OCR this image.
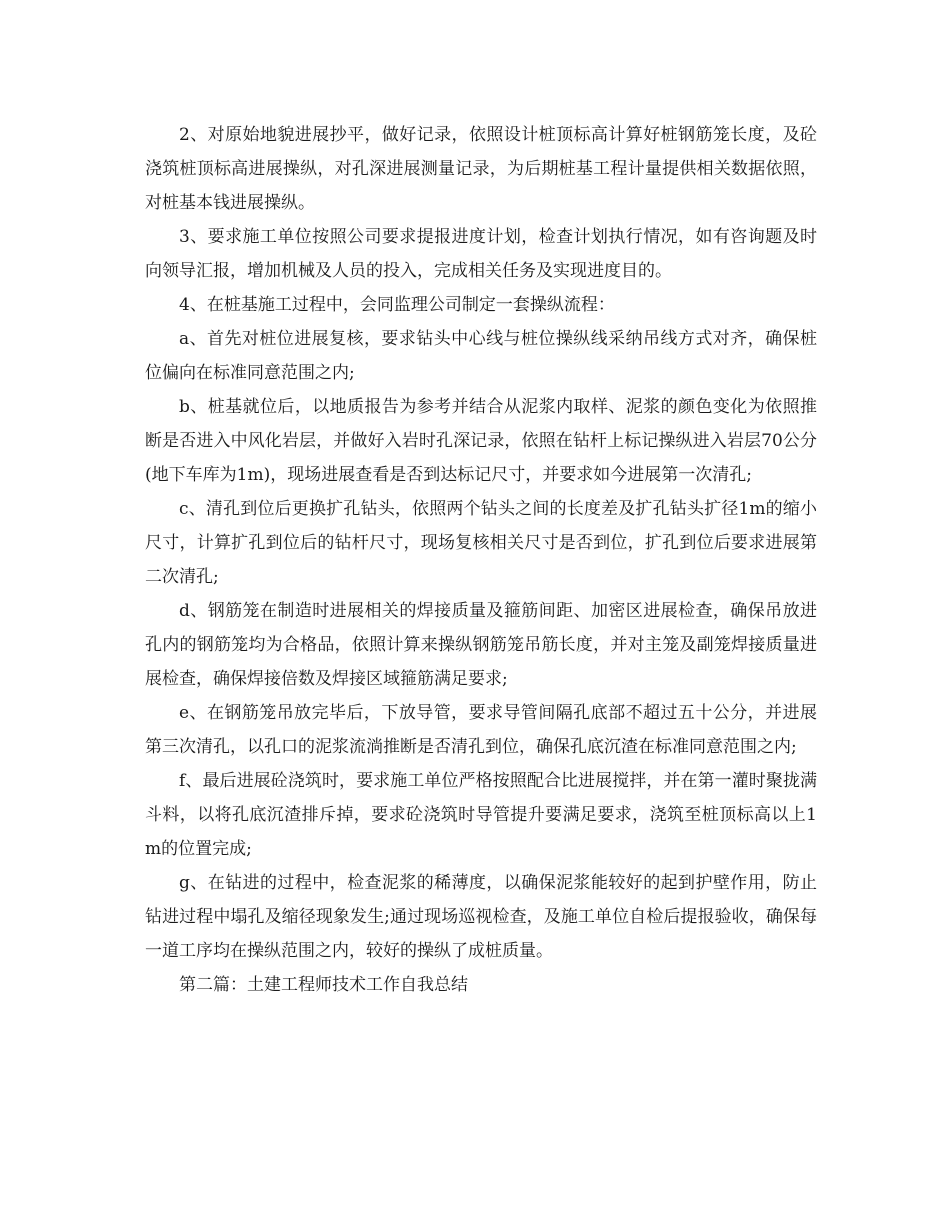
2、对原始地貌进展抄平，做好记录，依照设计桩顶标高计算好桩钢筋笼长度，及砼浇筑桩顶标高进展操纵，对孔深进展测量记录，为后期桩基工程计量提供相关数据依照，对桩基本钱进展操纵。

3、要求施工单位按照公司要求提报进度计划，检查计划执行情况，如有咨询题及时向领导汇报，增加机械及人员的投入，完成相关任务及实现进度目的。

4、在桩基施工过程中，会同监理公司制定一套操纵流程：

a、首先对桩位进展复核，要求钻头中心线与桩位操纵线采纳吊线方式对齐，确保桩位偏向在标准同意范围之内;

b、桩基就位后，以地质报告为参考并结合从泥浆内取样、泥浆的颜色变化为依照推断是否进入中风化岩层，并做好入岩时孔深记录，依照在钻杆上标记操纵进入岩层70公分(地下车库为1m)，现场进展查看是否到达标记尺寸，并要求如今进展第一次清孔;

c、清孔到位后更换扩孔钻头，依照两个钻头之间的长度差及扩孔钻头扩径1m的缩小尺寸，计算扩孔到位后的钻杆尺寸，现场复核相关尺寸是否到位，扩孔到位后要求进展第二次清孔;

d、钢筋笼在制造时进展相关的焊接质量及箍筋间距、加密区进展检查，确保吊放进孔内的钢筋笼均为合格品，依照计算来操纵钢筋笼吊筋长度，并对主笼及副笼焊接质量进展检查，确保焊接倍数及焊接区域箍筋满足要求;

e、在钢筋笼吊放完毕后，下放导管，要求导管间隔孔底部不超过五十公分，并进展第三次清孔，以孔口的泥浆流淌推断是否清孔到位，确保孔底沉渣在标准同意范围之内;

f、最后进展砼浇筑时，要求施工单位严格按照配合比进展搅拌，并在第一灌时聚拢满斗料，以将孔底沉渣排斥掉，要求砼浇筑时导管提升要满足要求，浇筑至桩顶标高以上1m的位置完成;

g、在钻进的过程中，检查泥浆的稀薄度，以确保泥浆能较好的起到护壁作用，防止钻进过程中塌孔及缩径现象发生;通过现场巡视检查，及施工单位自检后提报验收，确保每一道工序均在操纵范围之内，较好的操纵了成桩质量。

第二篇：土建工程师技术工作自我总结
